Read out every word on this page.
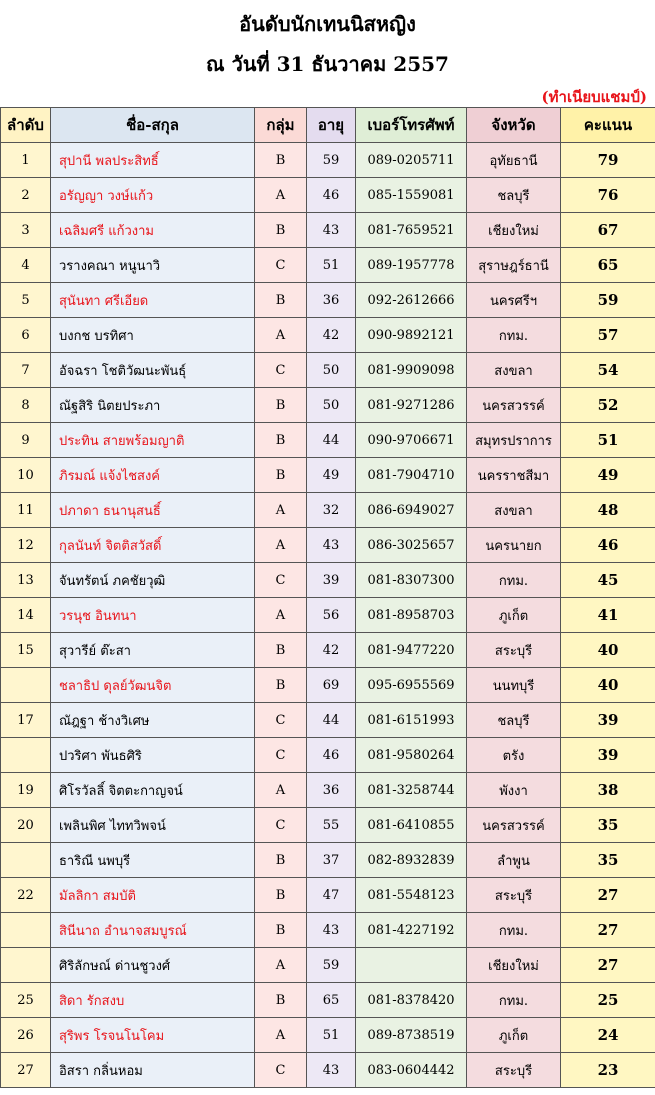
อันดับนักเทนนิสหญิง
ณ วันที่ 31 ธันวาคม 2557
(ทำเนียบแชมป์)
ลำดับ	ชื่อ-สกุล	กลุ่ม	อายุ	เบอร์โทรศัพท์	จังหวัด	คะแนน
1	สุปานี พลประสิทธิ์	B	59	089-0205711	อุทัยธานี	79
2	อรัญญา วงษ์แก้ว	A	46	085-1559081	ชลบุรี	76
3	เฉลิมศรี แก้วงาม	B	43	081-7659521	เชียงใหม่	67
4	วรางคณา หนูนาวิ	C	51	089-1957778	สุราษฎร์ธานี	65
5	สุนันทา ศรีเอียด	B	36	092-2612666	นครศรีฯ	59
6	บงกช บรทิศา	A	42	090-9892121	กทม.	57
7	อัจฉรา โชติวัฒนะพันธุ์	C	50	081-9909098	สงขลา	54
8	ณัฐสิริ นิตยประภา	B	50	081-9271286	นครสวรรค์	52
9	ประทิน สายพร้อมญาติ	B	44	090-9706671	สมุทรปราการ	51
10	ภิรมณ์ แจ้งไชสงค์	B	49	081-7904710	นครราชสีมา	49
11	ปภาดา ธนานุสนธิ์	A	32	086-6949027	สงขลา	48
12	กุลนันท์ จิตติสวัสดิ์	A	43	086-3025657	นครนายก	46
13	จันทรัตน์ ภคชัยวุฒิ	C	39	081-8307300	กทม.	45
14	วรนุช อินทนา	A	56	081-8958703	ภูเก็ต	41
15	สุวารีย์ ต๊ะสา	B	42	081-9477220	สระบุรี	40
	ชลาธิป ดุลย์วัฒนจิต	B	69	095-6955569	นนทบุรี	40
17	ณัฎฐา ช้างวิเศษ	C	44	081-6151993	ชลบุรี	39
	ปวริศา พันธศิริ	C	46	081-9580264	ตรัง	39
19	ศิโรวัลลิ์ จิตตะกาญจน์	A	36	081-3258744	พังงา	38
20	เพลินพิศ ไททวิพจน์	C	55	081-6410855	นครสวรรค์	35
	ธาริณี นพบุรี	B	37	082-8932839	ลำพูน	35
22	มัลลิกา สมบัติ	B	47	081-5548123	สระบุรี	27
	สินีนาถ อำนาจสมบูรณ์	B	43	081-4227192	กทม.	27
	ศิริลักษณ์ ด่านชูวงศ์	A	59		เชียงใหม่	27
25	สิดา รักสงบ	B	65	081-8378420	กทม.	25
26	สุริพร โรจนโนโคม	A	51	089-8738519	ภูเก็ต	24
27	อิสรา กลิ่นหอม	C	43	083-0604442	สระบุรี	23
